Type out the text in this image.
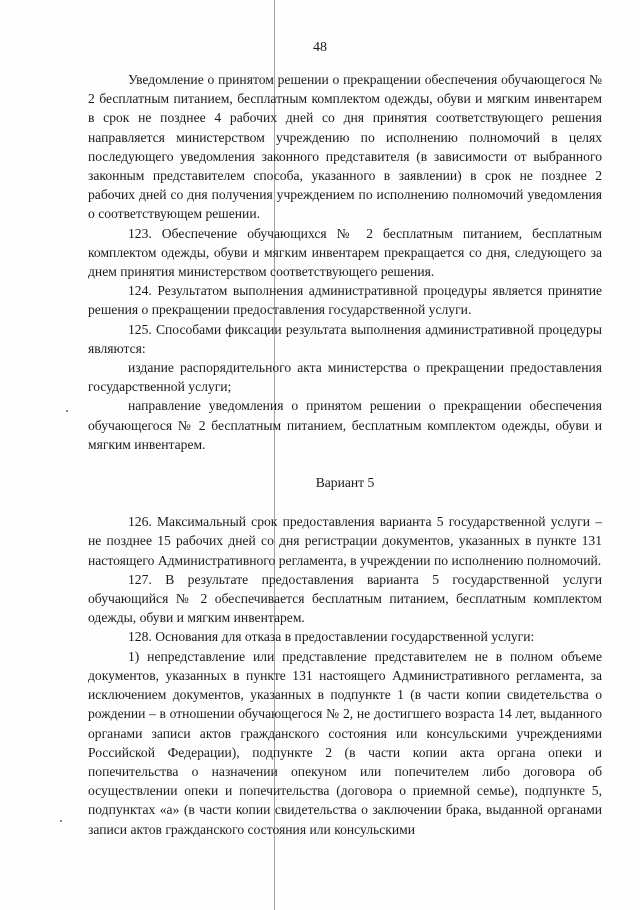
48

Уведомление о принятом решении о прекращении обеспечения обучающегося № 2 бесплатным питанием, бесплатным комплектом одежды, обуви и мягким инвентарем в срок не позднее 4 рабочих дней со дня принятия соответствующего решения направляется министерством учреждению по исполнению полномочий в целях последующего уведомления законного представителя (в зависимости от выбранного законным представителем способа, указанного в заявлении) в срок не позднее 2 рабочих дней со дня получения учреждением по исполнению полномочий уведомления о соответствующем решении.

123. Обеспечение обучающихся № 2 бесплатным питанием, бесплатным комплектом одежды, обуви и мягким инвентарем прекращается со дня, следующего за днем принятия министерством соответствующего решения.

124. Результатом выполнения административной процедуры является принятие решения о прекращении предоставления государственной услуги.

125. Способами фиксации результата выполнения административной процедуры являются:

издание распорядительного акта министерства о прекращении предоставления государственной услуги;

направление уведомления о принятом решении о прекращении обеспечения обучающегося № 2 бесплатным питанием, бесплатным комплектом одежды, обуви и мягким инвентарем.

Вариант 5

126. Максимальный срок предоставления варианта 5 государственной услуги – не позднее 15 рабочих дней со дня регистрации документов, указанных в пункте 131 настоящего Административного регламента, в учреждении по исполнению полномочий.

127. В результате предоставления варианта 5 государственной услуги обучающийся № 2 обеспечивается бесплатным питанием, бесплатным комплектом одежды, обуви и мягким инвентарем.

128. Основания для отказа в предоставлении государственной услуги:

1) непредставление или представление представителем не в полном объеме документов, указанных в пункте 131 настоящего Административного регламента, за исключением документов, указанных в подпункте 1 (в части копии свидетельства о рождении – в отношении обучающегося № 2, не достигшего возраста 14 лет, выданного органами записи актов гражданского состояния или консульскими учреждениями Российской Федерации), подпункте 2 (в части копии акта органа опеки и попечительства о назначении опекуном или попечителем либо договора об осуществлении опеки и попечительства (договора о приемной семье), подпункте 5, подпунктах «а» (в части копии свидетельства о заключении брака, выданной органами записи актов гражданского состояния или консульскими
